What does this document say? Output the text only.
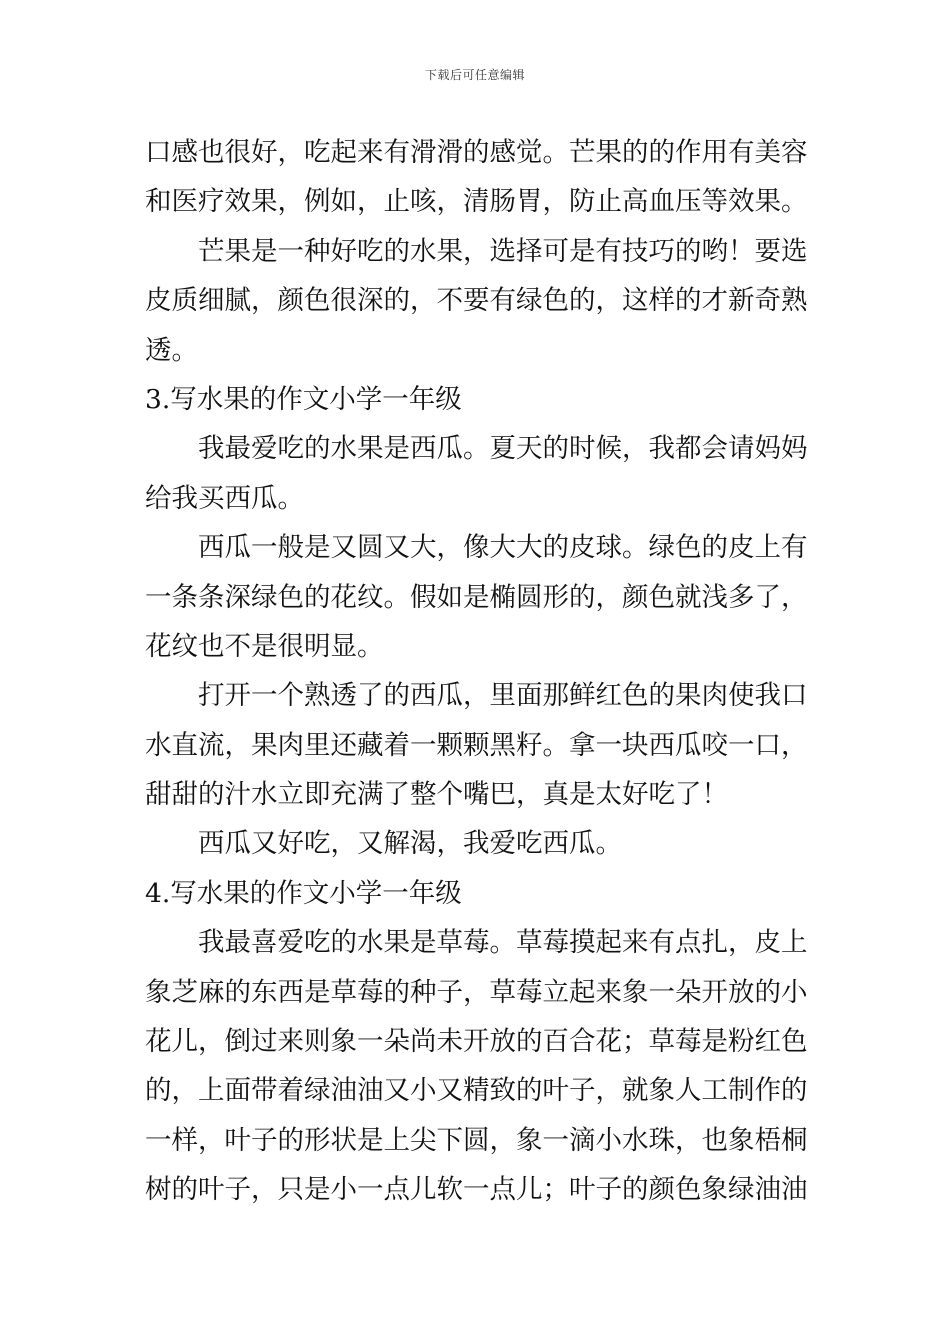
下载后可任意编辑
口感也很好，吃起来有滑滑的感觉。芒果的的作用有美容
和医疗效果，例如，止咳，清肠胃，防止高血压等效果。
芒果是一种好吃的水果，选择可是有技巧的哟！要选
皮质细腻，颜色很深的，不要有绿色的，这样的才新奇熟
透。
3.写水果的作文小学一年级
我最爱吃的水果是西瓜。夏天的时候，我都会请妈妈
给我买西瓜。
西瓜一般是又圆又大，像大大的皮球。绿色的皮上有
一条条深绿色的花纹。假如是椭圆形的，颜色就浅多了，
花纹也不是很明显。
打开一个熟透了的西瓜，里面那鲜红色的果肉使我口
水直流，果肉里还藏着一颗颗黑籽。拿一块西瓜咬一口，
甜甜的汁水立即充满了整个嘴巴，真是太好吃了！
西瓜又好吃，又解渴，我爱吃西瓜。
4.写水果的作文小学一年级
我最喜爱吃的水果是草莓。草莓摸起来有点扎，皮上
象芝麻的东西是草莓的种子，草莓立起来象一朵开放的小
花儿，倒过来则象一朵尚未开放的百合花；草莓是粉红色
的，上面带着绿油油又小又精致的叶子，就象人工制作的
一样，叶子的形状是上尖下圆，象一滴小水珠，也象梧桐
树的叶子，只是小一点儿软一点儿；叶子的颜色象绿油油
